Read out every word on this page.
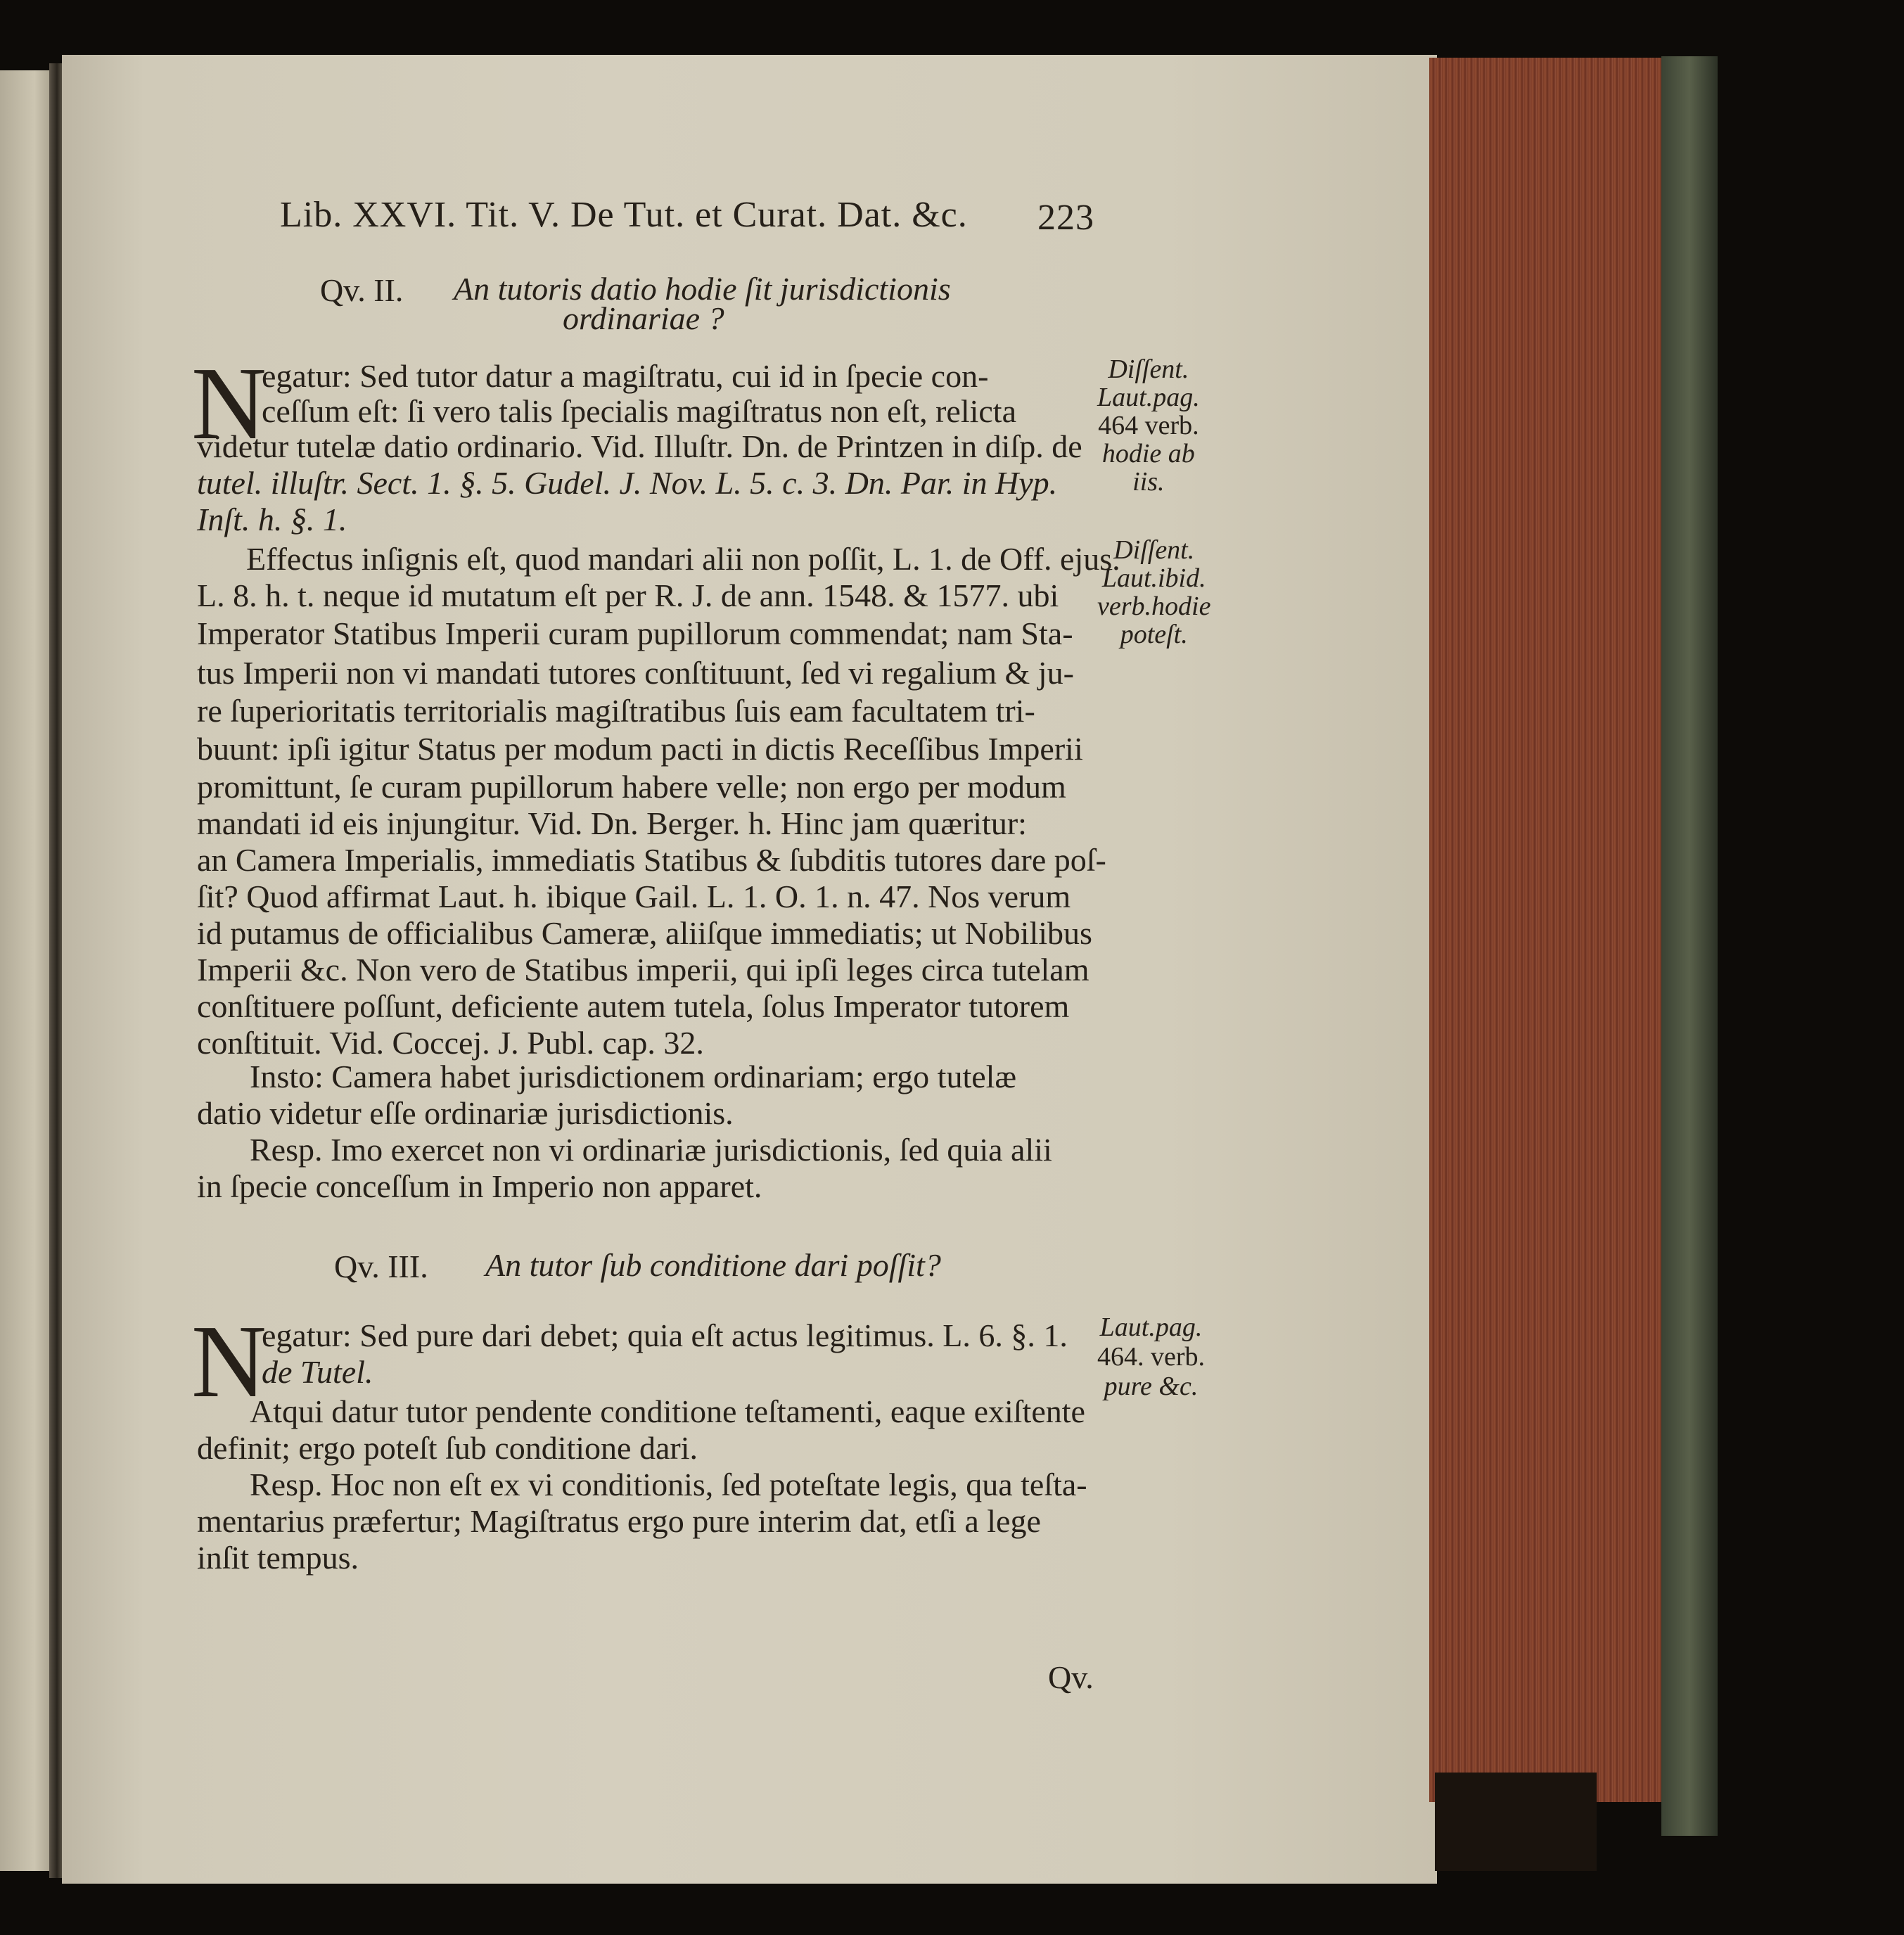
Lib. XXVI. Tit. V. De Tut. et Curat. Dat. &c. 223
Qv. II. An tutoris datio hodie ſit jurisdictionis
ordinariae ?
N
egatur: Sed tutor datur a magiſtratu, cui id in ſpecie con-
ceſſum eſt: ſi vero talis ſpecialis magiſtratus non eſt, relicta
videtur tutelæ datio ordinario. Vid. Illuſtr. Dn. de Printzen in diſp. de
tutel. illuſtr. Sect. 1. §. 5. Gudel. J. Nov. L. 5. c. 3. Dn. Par. in Hyp.
Inſt. h. §. 1.
Effectus inſignis eſt, quod mandari alii non poſſit, L. 1. de Off. ejus.
L. 8. h. t. neque id mutatum eſt per R. J. de ann. 1548. & 1577. ubi
Imperator Statibus Imperii curam pupillorum commendat; nam Sta-
tus Imperii non vi mandati tutores conſtituunt, ſed vi regalium & ju-
re ſuperioritatis territorialis magiſtratibus ſuis eam facultatem tri-
buunt: ipſi igitur Status per modum pacti in dictis Receſſibus Imperii
promittunt, ſe curam pupillorum habere velle; non ergo per modum
mandati id eis injungitur. Vid. Dn. Berger. h. Hinc jam quæritur:
an Camera Imperialis, immediatis Statibus & ſubditis tutores dare poſ-
ſit? Quod affirmat Laut. h. ibique Gail. L. 1. O. 1. n. 47. Nos verum
id putamus de officialibus Cameræ, aliiſque immediatis; ut Nobilibus
Imperii &c. Non vero de Statibus imperii, qui ipſi leges circa tutelam
conſtituere poſſunt, deficiente autem tutela, ſolus Imperator tutorem
conſtituit. Vid. Coccej. J. Publ. cap. 32.
Insto: Camera habet jurisdictionem ordinariam; ergo tutelæ
datio videtur eſſe ordinariæ jurisdictionis.
Resp. Imo exercet non vi ordinariæ jurisdictionis, ſed quia alii
in ſpecie conceſſum in Imperio non apparet.
Diſſent.
Laut.pag.
464 verb.
hodie ab
iis.
Diſſent.
Laut.ibid.
verb.hodie
poteſt.
Qv. III. An tutor ſub conditione dari poſſit?
N
egatur: Sed pure dari debet; quia eſt actus legitimus. L. 6. §. 1.
de Tutel.
Atqui datur tutor pendente conditione teſtamenti, eaque exiſtente
definit; ergo poteſt ſub conditione dari.
Resp. Hoc non eſt ex vi conditionis, ſed poteſtate legis, qua teſta-
mentarius præfertur; Magiſtratus ergo pure interim dat, etſi a lege
inſit tempus.
Laut.pag.
464. verb.
pure &c.
Qv.
